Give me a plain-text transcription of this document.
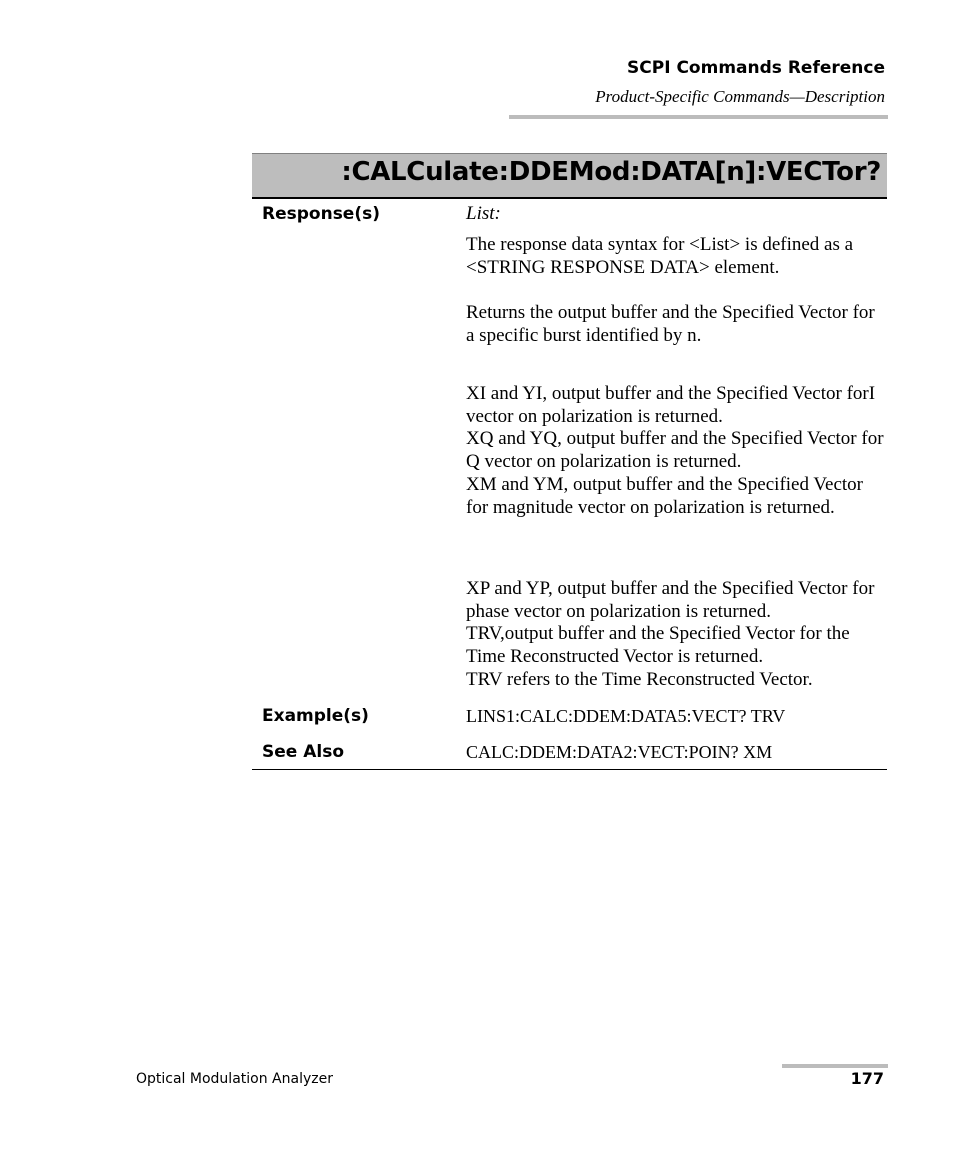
SCPI Commands Reference
Product-Specific Commands—Description
:CALCulate:DDEMod:DATA[n]:VECTor?
Response(s)	List:

The response data syntax for <List> is defined as a <STRING RESPONSE DATA> element.

Returns the output buffer and the Specified Vector for a specific burst identified by n.

XI and YI, output buffer and the Specified Vector forI vector on polarization is returned.

XQ and YQ, output buffer and the Specified Vector for Q vector on polarization is returned.

XM and YM, output buffer and the Specified Vector for magnitude vector on polarization is returned.

XP and YP, output buffer and the Specified Vector for phase vector on polarization is returned.

TRV,output buffer and the Specified Vector for the Time Reconstructed Vector is returned.

TRV refers to the Time Reconstructed Vector.

Example(s)	LINS1:CALC:DDEM:DATA5:VECT? TRV
See Also	CALC:DDEM:DATA2:VECT:POIN? XM
Optical Modulation Analyzer	177
